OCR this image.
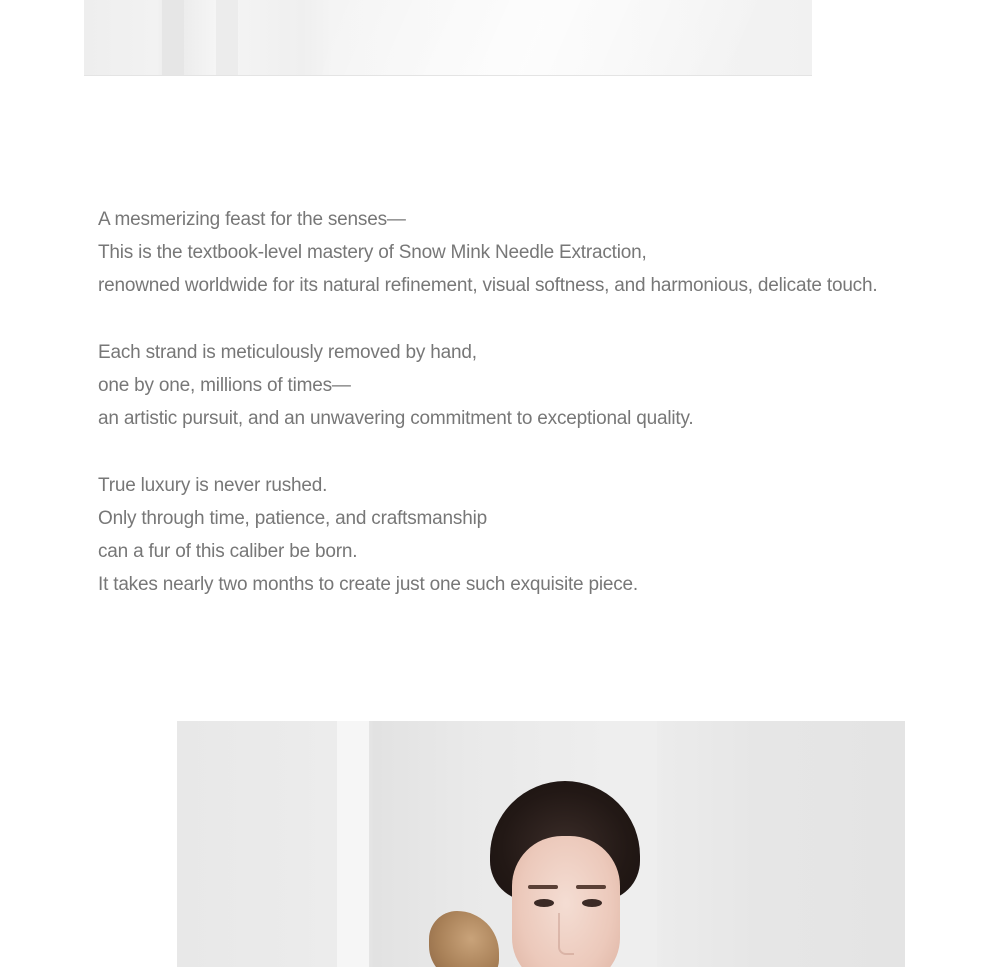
A mesmerizing feast for the senses—
This is the textbook-level mastery of Snow Mink Needle Extraction,
renowned worldwide for its natural refinement, visual softness, and harmonious, delicate touch.

Each strand is meticulously removed by hand,
one by one, millions of times—
an artistic pursuit, and an unwavering commitment to exceptional quality.

True luxury is never rushed.
Only through time, patience, and craftsmanship
can a fur of this caliber be born.
It takes nearly two months to create just one such exquisite piece.
